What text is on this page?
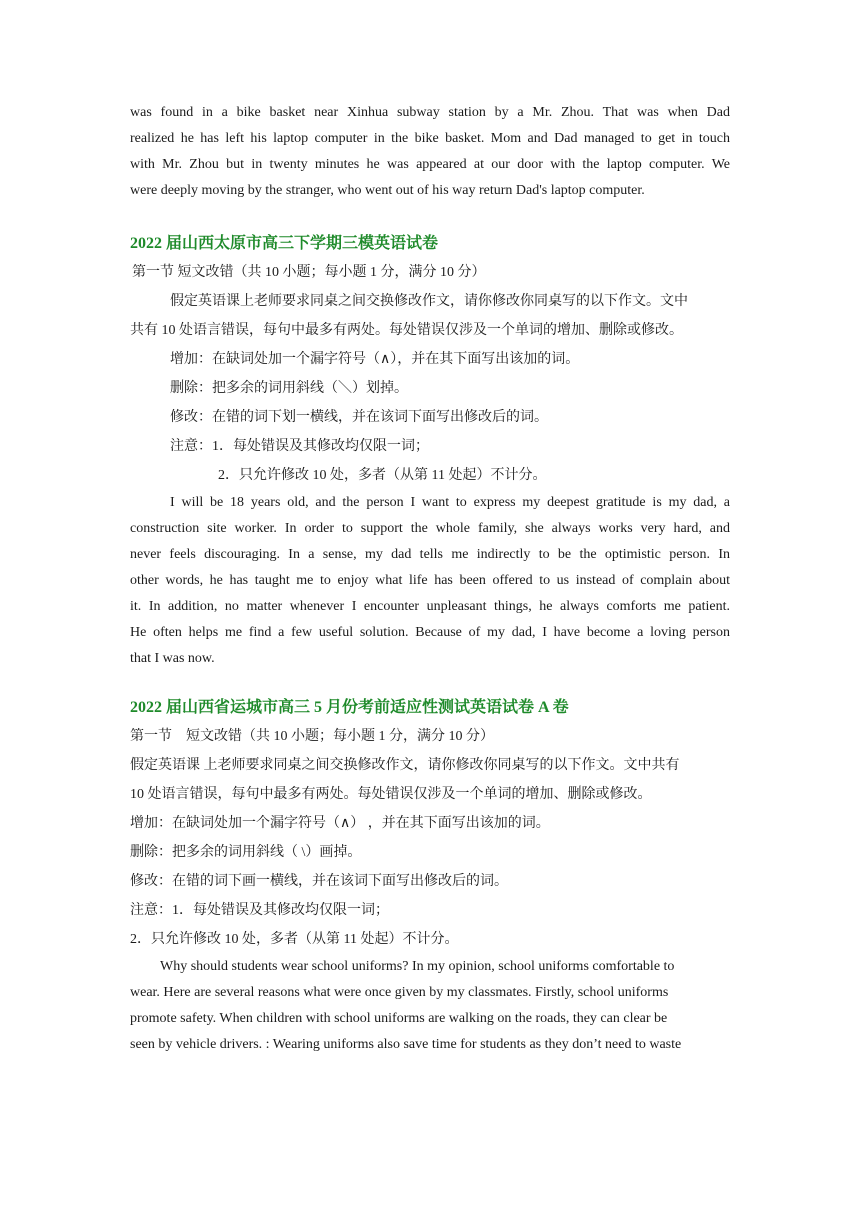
was found in a bike basket near Xinhua subway station by a Mr. Zhou. That was when Dad

realized he has left his laptop computer in the bike basket. Mom and Dad managed to get in touch

with Mr. Zhou but in twenty minutes he was appeared at our door with the laptop computer. We

were deeply moving by the stranger, who went out of his way return Dad's laptop computer.

2022 届山西太原市高三下学期三模英语试卷

第一节 短文改错（共 10 小题；每小题 1 分，满分 10 分）

假定英语课上老师要求同桌之间交换修改作文，请你修改你同桌写的以下作文。文中

共有 10 处语言错误，每句中最多有两处。每处错误仅涉及一个单词的增加、删除或修改。

增加：在缺词处加一个漏字符号（∧），并在其下面写出该加的词。

删除：把多余的词用斜线（＼）划掉。

修改：在错的词下划一横线，并在该词下面写出修改后的词。

注意：1．每处错误及其修改均仅限一词；

2．只允许修改 10 处，多者（从第 11 处起）不计分。

I will be 18 years old, and the person I want to express my deepest gratitude is my dad, a

construction site worker. In order to support the whole family, she always works very hard, and

never feels discouraging. In a sense, my dad tells me indirectly to be the optimistic person. In

other words, he has taught me to enjoy what life has been offered to us instead of complain about

it. In addition, no matter whenever I encounter unpleasant things, he always comforts me patient.

He often helps me find a few useful solution. Because of my dad, I have become a loving person

that I was now.

2022 届山西省运城市高三 5 月份考前适应性测试英语试卷 A 卷

第一节　短文改错（共 10 小题；每小题 1 分，满分 10 分）

假定英语课 上老师要求同桌之间交换修改作文，请你修改你同桌写的以下作文。文中共有

10 处语言错误，每句中最多有两处。每处错误仅涉及一个单词的增加、删除或修改。

增加：在缺词处加一个漏字符号（∧） ，并在其下面写出该加的词。

删除：把多余的词用斜线（ \）画掉。

修改：在错的词下画一横线，并在该词下面写出修改后的词。

注意：1．每处错误及其修改均仅限一词；

2．只允许修改 10 处，多者（从第 11 处起）不计分。

Why should students wear school uniforms? In my opinion, school uniforms comfortable to

wear. Here are several reasons what were once given by my classmates. Firstly, school uniforms

promote safety. When children with school uniforms are walking on the roads, they can clear be

seen by vehicle drivers. : Wearing uniforms also save time for students as they don’t need to waste
